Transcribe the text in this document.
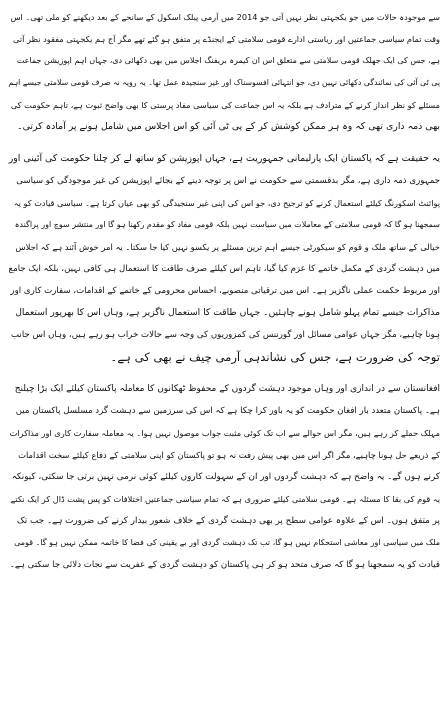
سے موجودہ حالات میں جو یکجہتی نظر نہیں آتی جو 2014 میں آرمی پبلک اسکول کے سانحے کے بعد دیکھنے کو ملی تھی۔ اس

وقت تمام سیاسی جماعتیں اور ریاستی ادارے قومی سلامتی کے ایجنڈے پر متفق ہو گئے تھے مگر آج ہم یکجہتی مفقود نظر آتی

ہے، جس کی ایک جھلک قومی سلامتی سے متعلق اس ان کیمرہ بریفنگ اجلاس میں بھی دکھائی دی، جہاں اہم اپوزیشن جماعت

پی ٹی آئی کی نمائندگی دکھائی نہیں دی، جو انتہائی افسوسناک اور غیر سنجیدہ عمل تھا۔ یہ رویہ نہ صرف قومی سلامتی جیسے اہم

مسئلے کو نظر انداز کرنے کے مترادف ہے بلکہ یہ اس جماعت کی سیاسی مفاد پرستی کا بھی واضح ثبوت ہے، تاہم حکومت کی

بھی ذمہ داری تھی کہ وہ ہر ممکن کوشش کر کے پی ٹی آئی کو اس اجلاس میں شامل ہونے پر آمادہ کرتی۔

یہ حقیقت ہے کہ پاکستان ایک پارلیمانی جمہوریت ہے، جہاں اپوزیشن کو ساتھ لے کر چلنا حکومت کی آئینی اور

جمہوری ذمہ داری ہے، مگر بدقسمتی سے حکومت نے اس پر توجہ دینے کے بجائے اپوزیشن کی غیر موجودگی کو سیاسی

پوائنٹ اسکورنگ کیلئے استعمال کرنے کو ترجیح دی، جو اس کی اپنی غیر سنجیدگی کو بھی عیاں کرتا ہے۔ سیاسی قیادت کو یہ

سمجھنا ہو گا کہ قومی سلامتی کے معاملات میں سیاست نہیں بلکہ قومی مفاد کو مقدم رکھنا ہو گا اور منتشر سوچ اور پراگندہ

خیالی کے ساتھ ملک و قوم کو سیکورٹی جیسے اہم ترین مسئلے پر یکسو نہیں کیا جا سکتا۔ یہ امر خوش آئند ہے کہ اجلاس

میں دہشت گردی کے مکمل خاتمے کا عزم کیا گیا، تاہم اس کیلئے صرف طاقت کا استعمال ہی کافی نہیں، بلکہ ایک جامع

اور مربوط حکمت عملی ناگزیر ہے۔ اس میں ترقیاتی منصوبے، احساس محرومی کے خاتمے کے اقدامات، سفارت کاری اور

مذاکرات جیسے تمام پہلو شامل ہونے چاہئیں۔ جہاں طاقت کا استعمال ناگزیر ہے، وہاں اس کا بھرپور استعمال

ہونا چاہیے، مگر جہاں عوامی مسائل اور گورننس کی کمزوریوں کی وجہ سے حالات خراب ہو رہے ہیں، وہاں اس جانب

توجہ کی ضرورت ہے، جس کی نشاندہی آرمی چیف نے بھی کی ہے۔

افغانستان سے در اندازی اور وہاں موجود دہشت گردوں کے محفوظ ٹھکانوں کا معاملہ پاکستان کیلئے ایک بڑا چیلنج

ہے۔ پاکستان متعدد بار افغان حکومت کو یہ باور کرا چکا ہے کہ اس کی سرزمین سے دہشت گرد مسلسل پاکستان میں

مہلک حملے کر رہے ہیں، مگر اس حوالے سے اب تک کوئی مثبت جواب موصول نہیں ہوا۔ یہ معاملہ سفارت کاری اور مذاکرات

کے ذریعے حل ہونا چاہیے، مگر اگر اس میں بھی پیش رفت نہ ہو تو پاکستان کو اپنی سلامتی کے دفاع کیلئے سخت اقدامات

کرنے ہوں گے۔ یہ واضح ہے کہ دہشت گردوں اور ان کے سہولت کاروں کیلئے کوئی نرمی نہیں برتی جا سکتی، کیونکہ

یہ قوم کی بقا کا مسئلہ ہے۔ قومی سلامتی کیلئے ضروری ہے کہ تمام سیاسی جماعتیں اختلافات کو پس پشت ڈال کر ایک نکتے

پر متفق ہوں۔ اس کے علاوہ عوامی سطح پر بھی دہشت گردی کے خلاف شعور بیدار کرنے کی ضرورت ہے۔ جب تک

ملک میں سیاسی اور معاشی استحکام نہیں ہو گا، تب تک دہشت گردی اور بے یقینی کی فضا کا خاتمہ ممکن نہیں ہو گا۔ قومی

قیادت کو یہ سمجھنا ہو گا کہ صرف متحد ہو کر ہی پاکستان کو دہشت گردی کے عفریت سے نجات دلائی جا سکتی ہے۔
